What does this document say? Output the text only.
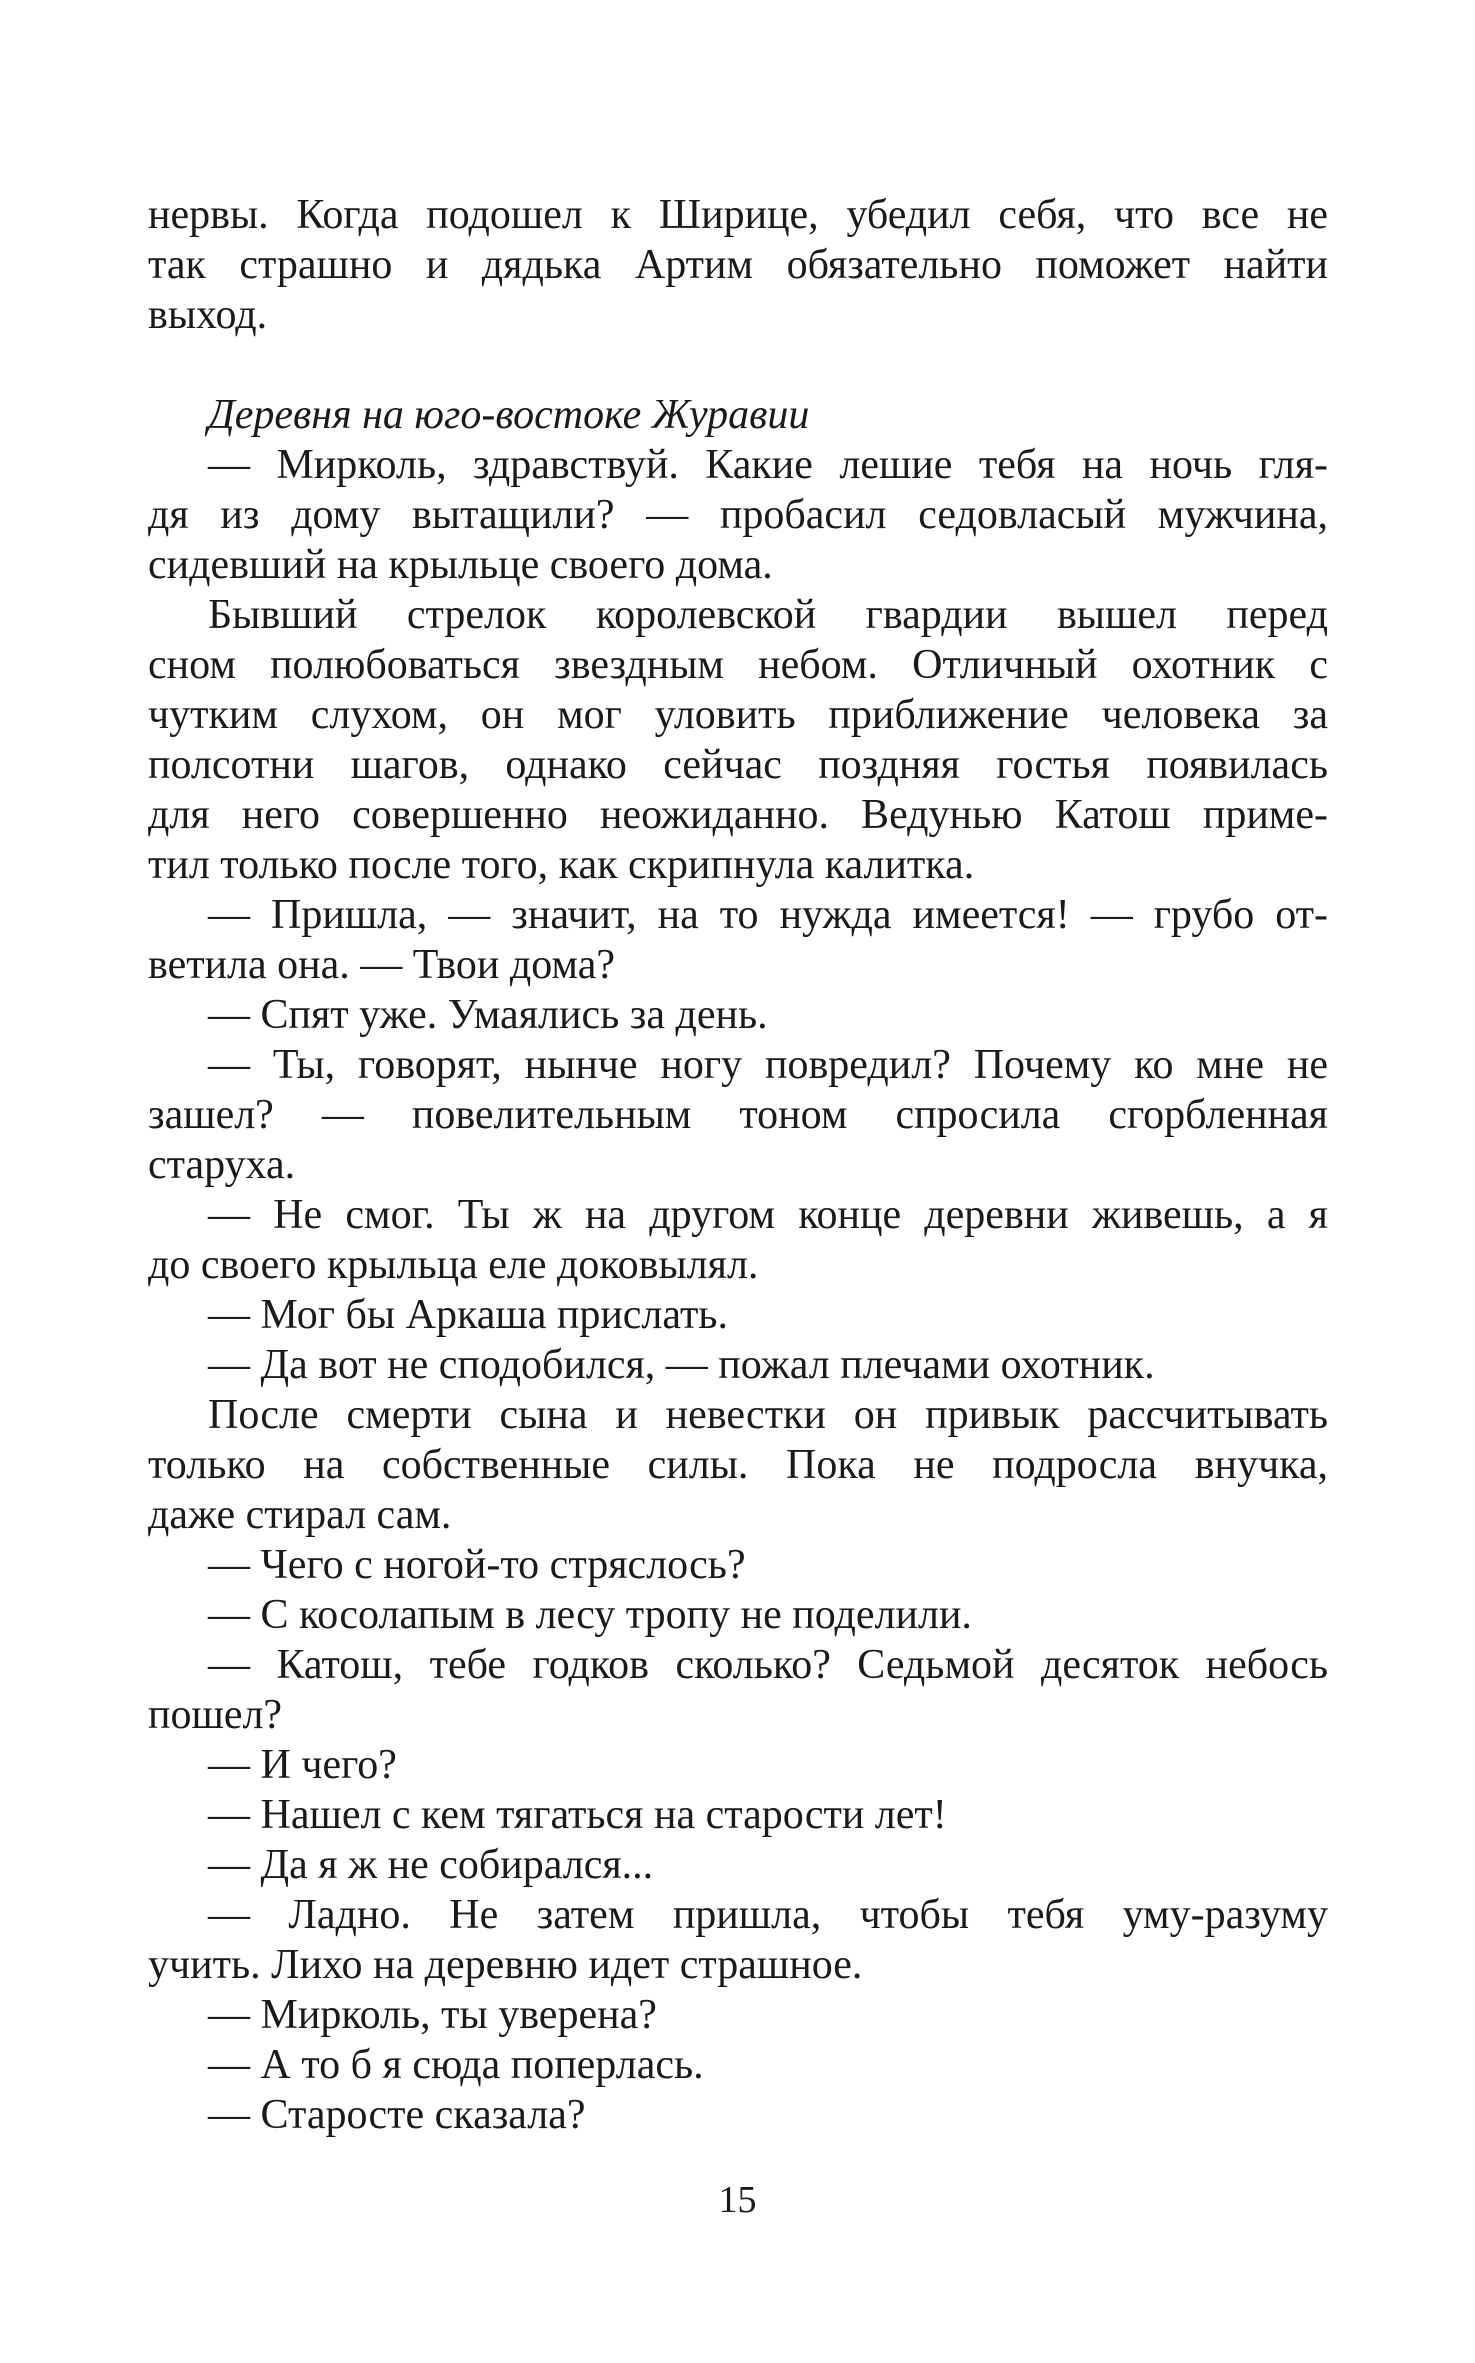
нервы. Когда подошел к Ширице, убедил себя, что все не
так страшно и дядька Артим обязательно поможет найти
выход.
Деревня на юго-востоке Журавии
— Мирколь, здравствуй. Какие лешие тебя на ночь гля-
дя из дому вытащили? — пробасил седовласый мужчина,
сидевший на крыльце своего дома.
Бывший стрелок королевской гвардии вышел перед
сном полюбоваться звездным небом. Отличный охотник с
чутким слухом, он мог уловить приближение человека за
полсотни шагов, однако сейчас поздняя гостья появилась
для него совершенно неожиданно. Ведунью Катош приме-
тил только после того, как скрипнула калитка.
— Пришла, — значит, на то нужда имеется! — грубо от-
ветила она. — Твои дома?
— Спят уже. Умаялись за день.
— Ты, говорят, нынче ногу повредил? Почему ко мне не
зашел? — повелительным тоном спросила сгорбленная
старуха.
— Не смог. Ты ж на другом конце деревни живешь, а я
до своего крыльца еле доковылял.
— Мог бы Аркаша прислать.
— Да вот не сподобился, — пожал плечами охотник.
После смерти сына и невестки он привык рассчитывать
только на собственные силы. Пока не подросла внучка,
даже стирал сам.
— Чего с ногой-то стряслось?
— С косолапым в лесу тропу не поделили.
— Катош, тебе годков сколько? Седьмой десяток небось
пошел?
— И чего?
— Нашел с кем тягаться на старости лет!
— Да я ж не собирался...
— Ладно. Не затем пришла, чтобы тебя уму-разуму
учить. Лихо на деревню идет страшное.
— Мирколь, ты уверена?
— А то б я сюда поперлась.
— Старосте сказала?
15
